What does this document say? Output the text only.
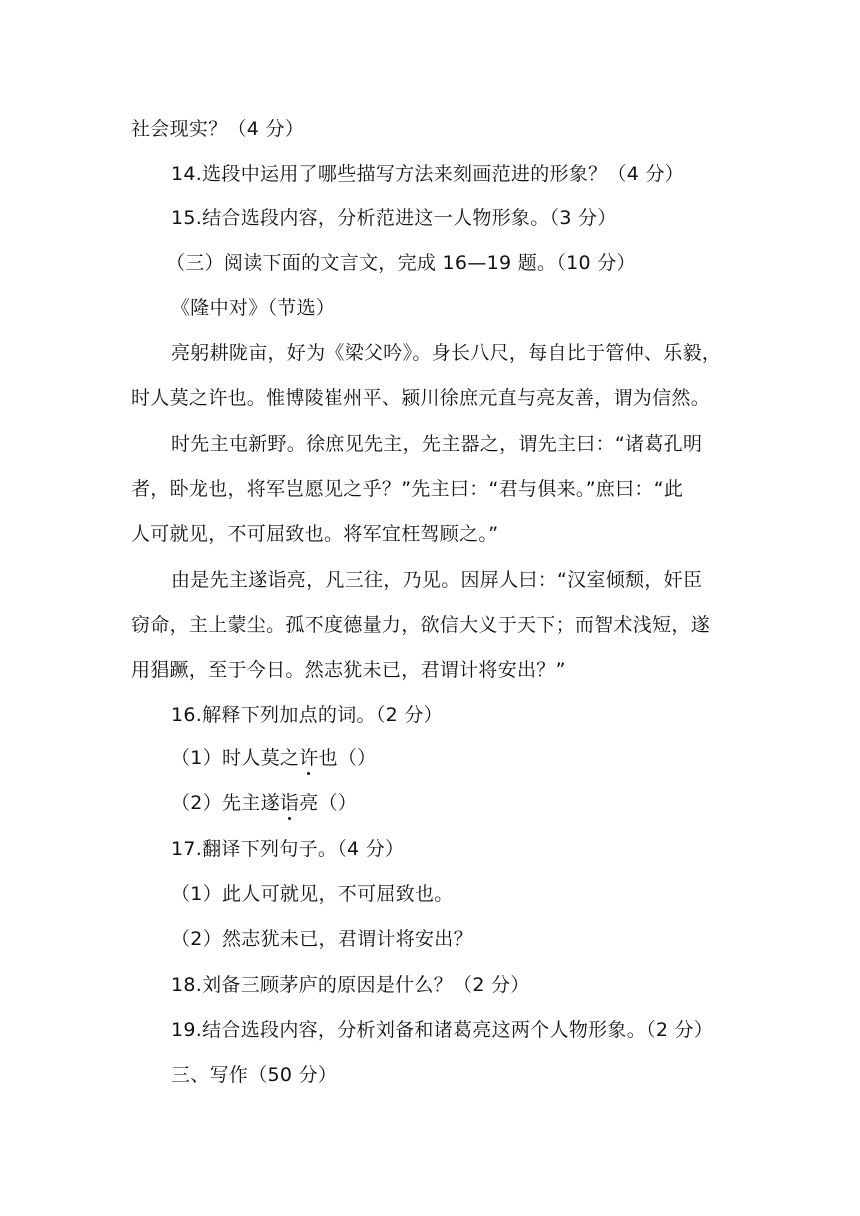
社会现实？（4 分）
14.选段中运用了哪些描写方法来刻画范进的形象？（4 分）
15.结合选段内容，分析范进这一人物形象。（3 分）
（三）阅读下面的文言文，完成 16—19 题。（10 分）
《隆中对》（节选）
亮躬耕陇亩，好为《梁父吟》。身长八尺，每自比于管仲、乐毅，
时人莫之许也。惟博陵崔州平、颍川徐庶元直与亮友善，谓为信然。
时先主屯新野。徐庶见先主，先主器之，谓先主曰：“诸葛孔明
者，卧龙也，将军岂愿见之乎？”先主曰：“君与俱来。”庶曰：“此
人可就见，不可屈致也。将军宜枉驾顾之。”
由是先主遂诣亮，凡三往，乃见。因屏人曰：“汉室倾颓，奸臣
窃命，主上蒙尘。孤不度德量力，欲信大义于天下；而智术浅短，遂
用猖蹶，至于今日。然志犹未已，君谓计将安出？”
16.解释下列加点的词。（2 分）
（1）时人莫之许也（）
（2）先主遂诣亮（）
17.翻译下列句子。（4 分）
（1）此人可就见，不可屈致也。
（2）然志犹未已，君谓计将安出？
18.刘备三顾茅庐的原因是什么？（2 分）
19.结合选段内容，分析刘备和诸葛亮这两个人物形象。（2 分）
三、写作（50 分）
